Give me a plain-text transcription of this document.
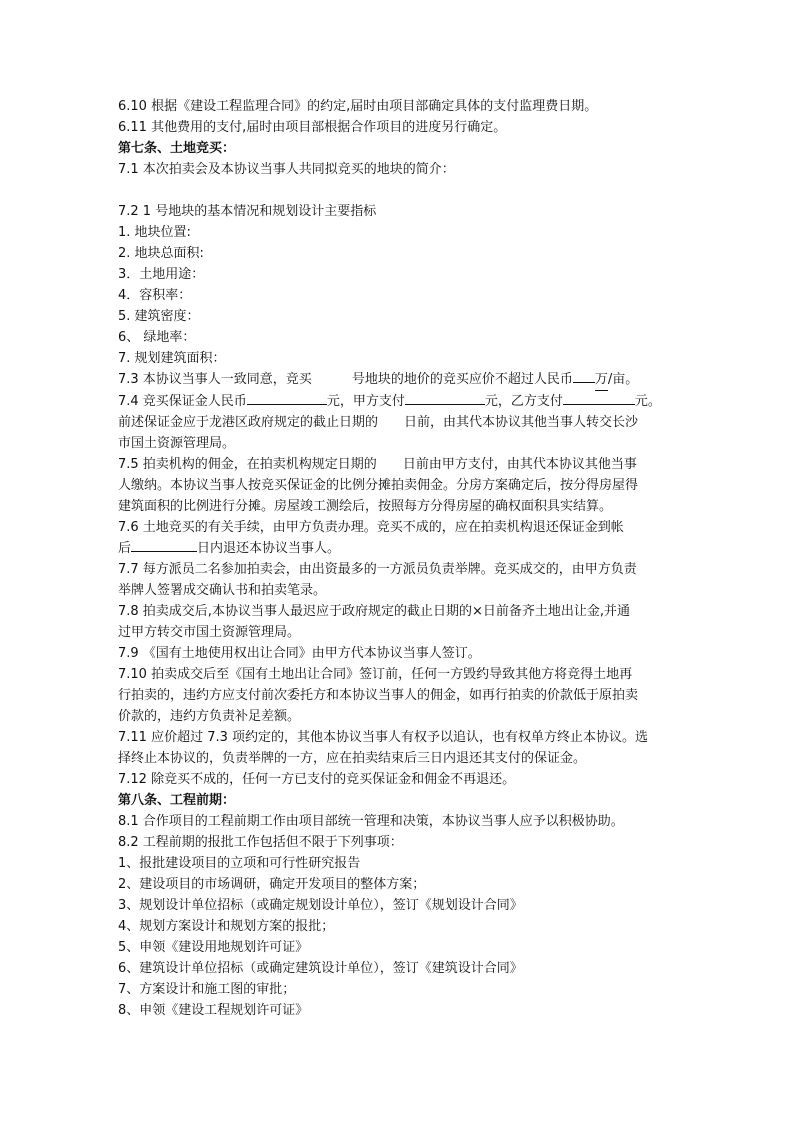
6.10 根据《建设工程监理合同》的约定,届时由项目部确定具体的支付监理费日期。

6.11 其他费用的支付,届时由项目部根据合作项目的进度另行确定。

第七条、土地竞买：

7.1 本次拍卖会及本协议当事人共同拟竞买的地块的简介：

7.2 1 号地块的基本情况和规划设计主要指标

1. 地块位置:

2. 地块总面积:

3．土地用途：

4．容积率：

5. 建筑密度：

6、 绿地率：

7. 规划建筑面积：

7.3 本协议当事人一致同意，竞买	号地块的地价的竞买应价不超过人民币 万/亩。

7.4 竞买保证金人民币	元，甲方支付	元，乙方支付	元。

前述保证金应于龙港区政府规定的截止日期的 日前，由其代本协议其他当事人转交长沙

市国土资源管理局。

7.5 拍卖机构的佣金，在拍卖机构规定日期的 日前由甲方支付，由其代本协议其他当事

人缴纳。本协议当事人按竞买保证金的比例分摊拍卖佣金。分房方案确定后，按分得房屋得

建筑面积的比例进行分摊。房屋竣工测绘后，按照每方分得房屋的确权面积具实结算。

7.6 土地竞买的有关手续，由甲方负责办理。竞买不成的，应在拍卖机构退还保证金到帐

后	日内退还本协议当事人。

7.7 每方派员二名参加拍卖会，由出资最多的一方派员负责举牌。竞买成交的，由甲方负责

举牌人签署成交确认书和拍卖笔录。

7.8 拍卖成交后,本协议当事人最迟应于政府规定的截止日期的×日前备齐土地出让金,并通

过甲方转交市国土资源管理局。

7.9 《国有土地使用权出让合同》由甲方代本协议当事人签订。

7.10 拍卖成交后至《国有土地出让合同》签订前，任何一方毁约导致其他方将竞得土地再

行拍卖的，违约方应支付前次委托方和本协议当事人的佣金，如再行拍卖的价款低于原拍卖

价款的，违约方负责补足差额。

7.11 应价超过 7.3 项约定的，其他本协议当事人有权予以追认，也有权单方终止本协议。选

择终止本协议的，负责举牌的一方，应在拍卖结束后三日内退还其支付的保证金。

7.12 除竞买不成的，任何一方已支付的竞买保证金和佣金不再退还。

第八条、工程前期：

8.1 合作项目的工程前期工作由项目部统一管理和决策，本协议当事人应予以积极协助。

8.2 工程前期的报批工作包括但不限于下列事项：

1、报批建设项目的立项和可行性研究报告

2、建设项目的市场调研，确定开发项目的整体方案；

3、规划设计单位招标（或确定规划设计单位），签订《规划设计合同》

4、规划方案设计和规划方案的报批；

5、申领《建设用地规划许可证》

6、建筑设计单位招标（或确定建筑设计单位），签订《建筑设计合同》

7、方案设计和施工图的审批；

8、申领《建设工程规划许可证》
